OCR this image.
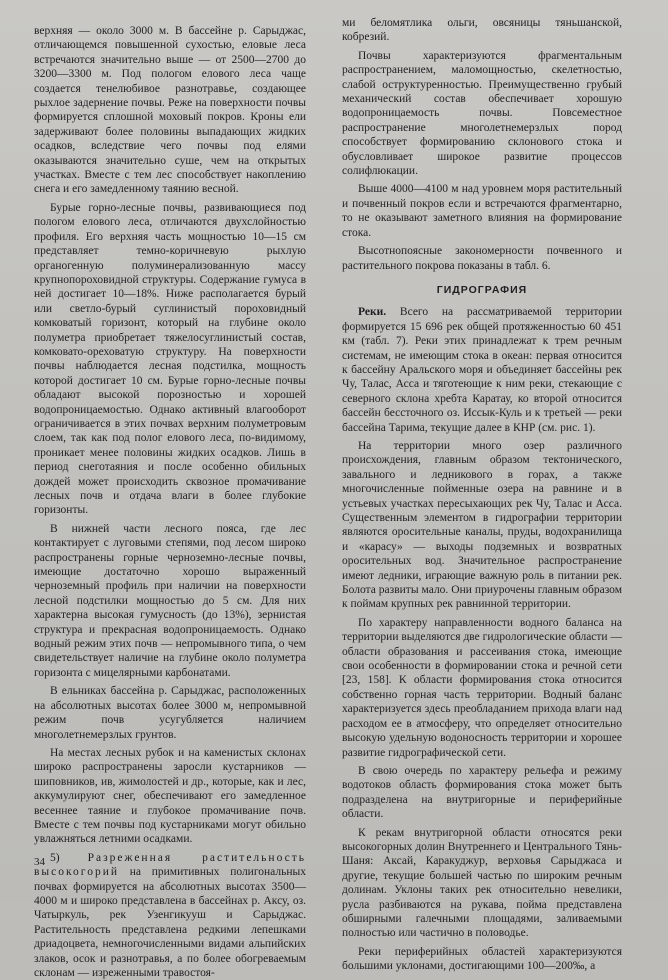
верхняя — около 3000 м. В бассейне р. Сарыджас, отличающемся повышенной сухостью, еловые леса встречаются значительно выше — от 2500—2700 до 3200—3300 м. Под пологом елового леса чаще создается тенелюбивое разнотравье, создающее рыхлое задернение почвы. Реже на поверхности почвы формируется сплошной моховый покров. Кроны ели задерживают более половины выпадающих жидких осадков, вследствие чего почвы под елями оказываются значительно суше, чем на открытых участках. Вместе с тем лес способствует накоплению снега и его замедленному таянию весной.

Бурые горно-лесные почвы, развивающиеся под пологом елового леса, отличаются двухслойностью профиля. Его верхняя часть мощностью 10—15 см представляет темно-коричневую рыхлую органогенную полуминерализованную массу крупнопороховидной структуры. Содержание гумуса в ней достигает 10—18%. Ниже располагается бурый или светло-бурый суглинистый пороховидный комковатый горизонт, который на глубине около полуметра приобретает тяжелосуглинистый состав, комковато-ореховатую структуру. На поверхности почвы наблюдается лесная подстилка, мощность которой достигает 10 см. Бурые горно-лесные почвы обладают высокой порозностью и хорошей водопроницаемостью. Однако активный влагооборот ограничивается в этих почвах верхним полуметровым слоем, так как под полог елового леса, по-видимому, проникает менее половины жидких осадков. Лишь в период снеготаяния и после особенно обильных дождей может происходить сквозное промачивание лесных почв и отдача влаги в более глубокие горизонты.

В нижней части лесного пояса, где лес контактирует с луговыми степями, под лесом широко распространены горные черноземно-лесные почвы, имеющие достаточно хорошо выраженный черноземный профиль при наличии на поверхности лесной подстилки мощностью до 5 см. Для них характерна высокая гумусность (до 13%), зернистая структура и прекрасная водопроницаемость. Однако водный режим этих почв — непромывного типа, о чем свидетельствует наличие на глубине около полуметра горизонта с мицелярными карбонатами.

В ельниках бассейна р. Сарыджас, расположенных на абсолютных высотах более 3000 м, непромывной режим почв усугубляется наличием многолетнемерзлых грунтов.

На местах лесных рубок и на каменистых склонах широко распространены заросли кустарников — шиповников, ив, жимолостей и др., которые, как и лес, аккумулируют снег, обеспечивают его замедленное весеннее таяние и глубокое промачивание почв. Вместе с тем почвы под кустарниками могут обильно увлажняться летними осадками.

5) Разреженная растительность высокогорий на примитивных полигональных почвах формируется на абсолютных высотах 3500—4000 м и широко представлена в бассейнах р. Аксу, оз. Чатыркуль, рек Узенгикууш и Сарыджас. Растительность представлена редкими лепешками дриадоцвета, немногочисленными видами альпийских злаков, осок и разнотравья, а по более обогреваемым склонам — изреженными травостоя-

ми беломятлика ольги, овсяницы тяньшанской, кобрезий.

Почвы характеризуются фрагментальным распространением, маломощностью, скелетностью, слабой оструктуренностью. Преимущественно грубый механический состав обеспечивает хорошую водопроницаемость почвы. Повсеместное распространение многолетнемерзлых пород способствует формированию склонового стока и обусловливает широкое развитие процессов солифлюкации.

Выше 4000—4100 м над уровнем моря растительный и почвенный покров если и встречаются фрагментарно, то не оказывают заметного влияния на формирование стока.

Высотнопоясные закономерности почвенного и растительного покрова показаны в табл. 6.

ГИДРОГРАФИЯ

Реки. Всего на рассматриваемой территории формируется 15 696 рек общей протяженностью 60 451 км (табл. 7). Реки этих принадлежат к трем речным системам, не имеющим стока в океан: первая относится к бассейну Аральского моря и объединяет бассейны рек Чу, Талас, Асса и тяготеющие к ним реки, стекающие с северного склона хребта Каратау, ко второй относится бассейн бессточного оз. Иссык-Куль и к третьей — реки бассейна Тарима, текущие далее в КНР (см. рис. 1).

На территории много озер различного происхождения, главным образом тектонического, завального и ледникового в горах, а также многочисленные пойменные озера на равнине и в устьевых участках пересыхающих рек Чу, Талас и Асса. Существенным элементом в гидрографии территории являются оросительные каналы, пруды, водохранилища и «карасу» — выходы подземных и возвратных оросительных вод. Значительное распространение имеют ледники, играющие важную роль в питании рек. Болота развиты мало. Они приурочены главным образом к поймам крупных рек равнинной территории.

По характеру направленности водного баланса на территории выделяются две гидрологические области — области образования и рассеивания стока, имеющие свои особенности в формировании стока и речной сети [23, 158]. К области формирования стока относится собственно горная часть территории. Водный баланс характеризуется здесь преобладанием прихода влаги над расходом ее в атмосферу, что определяет относительно высокую удельную водоносность территории и хорошее развитие гидрографической сети.

В свою очередь по характеру рельефа и режиму водотоков область формирования стока может быть подразделена на внутригорные и периферийные области.

К рекам внутригорной области относятся реки высокогорных долин Внутреннего и Центрального Тянь-Шаня: Аксай, Каракуджур, верховья Сарыджаса и другие, текущие большей частью по широким речным долинам. Уклоны таких рек относительно невелики, русла разбиваются на рукава, пойма представлена обширными галечными площадями, заливаемыми полностью или частично в половодье.

Реки периферийных областей характеризуются большими уклонами, достигающими 100—200‰, а

34
